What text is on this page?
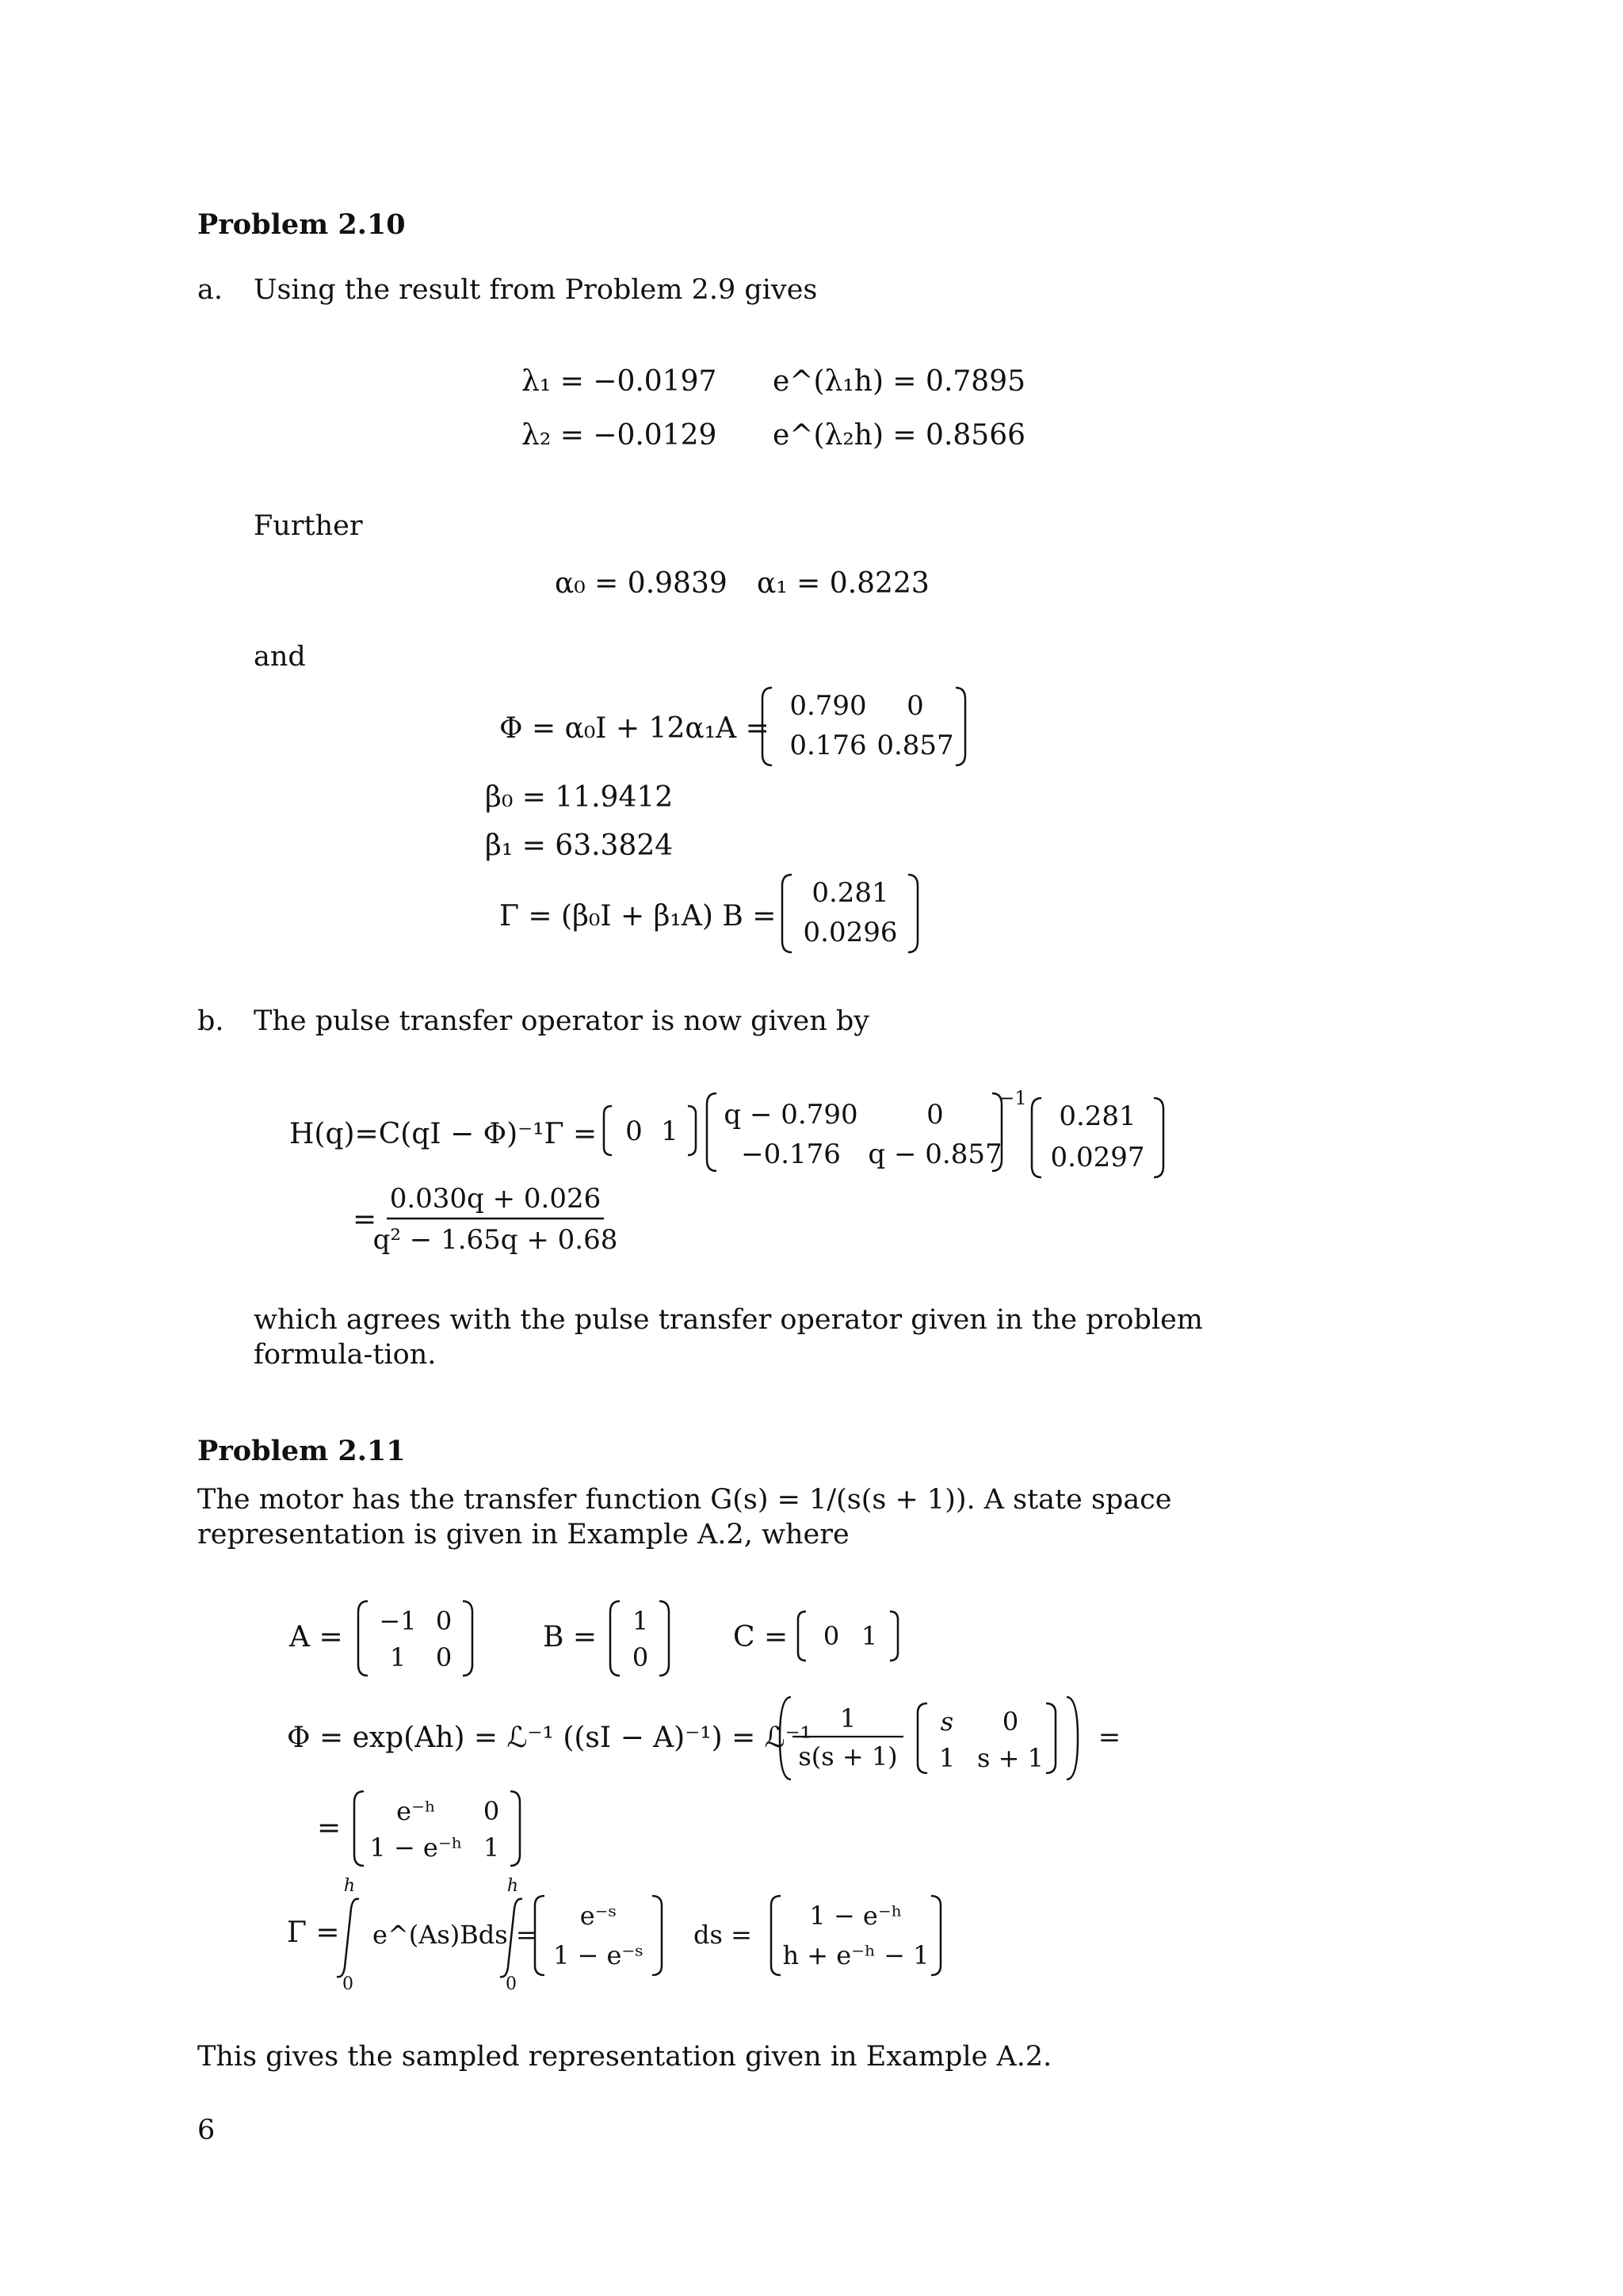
Problem 2.10
a. Using the result from Problem 2.9 gives
λ₁ = −0.0197 e^(λ₁h) = 0.7895
λ₂ = −0.0129 e^(λ₂h) = 0.8566
Further
α₀ = 0.9839 α₁ = 0.8223
and
Φ = α₀I + 12α₁A =
0.790 0
0.176 0.857
β₀ = 11.9412
β₁ = 63.3824
Γ = (β₀I + β₁A) B =
0.281
0.0296
b. The pulse transfer operator is now given by
H(q)=C(qI − Φ)⁻¹Γ = 0 1
q − 0.790	0
−0.176 q − 0.857
−1
0.281
0.0297
=
0.030q + 0.026
q² − 1.65q + 0.68
which agrees with the pulse transfer operator given in the problem formula-tion.
Problem 2.11
The motor has the transfer function G(s) = 1/(s(s + 1)). A state space representation is given in Example A.2, where
A = −1 0
1 0
B = 1
0
C = 0 1
Φ = exp(Ah) = ℒ⁻¹ ((sI − A)⁻¹) = ℒ⁻¹
1
s(s + 1)
s 0
1 s + 1
=
=
e⁻ʰ 0
1 − e⁻ʰ 1
Γ =
h
0
e^(As)Bds =
h
0
e⁻ˢ
1 − e⁻ˢ
ds =
1 − e⁻ʰ
h + e⁻ʰ − 1
This gives the sampled representation given in Example A.2.
6
